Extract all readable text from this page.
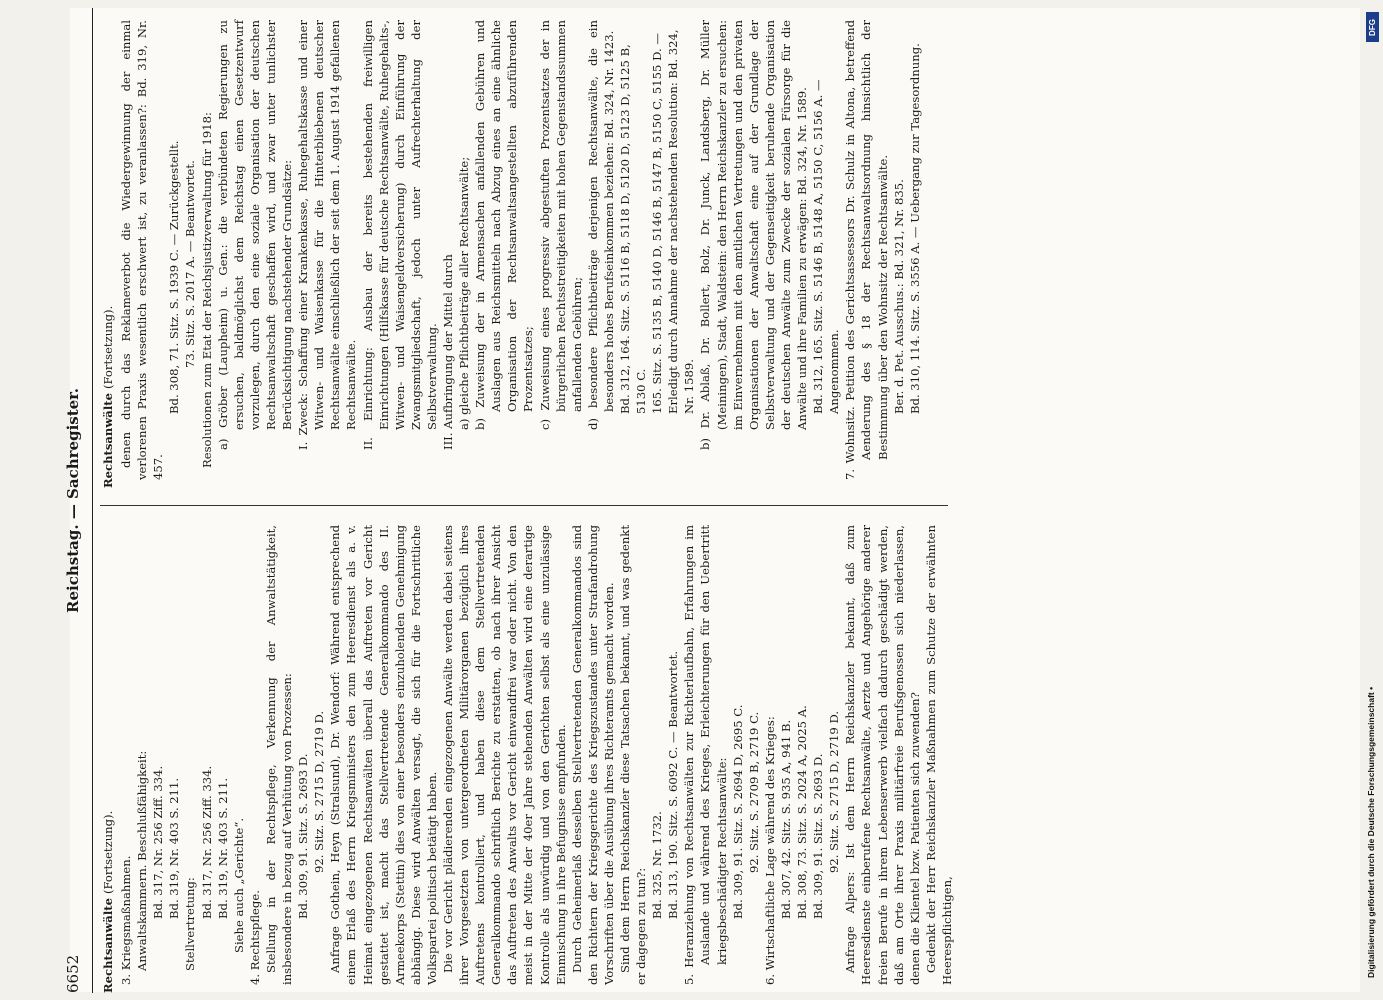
6652
Reichstag. — Sachregister.
Rechtsanwälte (Fortsetzung).
3. Kriegsmaßnahmen. Anwaltskammern. Beschlußfähigkeit: Bd. 317, Nr. 256 Ziff. 334. Bd. 319, Nr. 403 S. 211.
Stellvertretung:
Bd. 317, Nr. 256 Ziff. 334. Bd. 319, Nr. 403 S. 211. Siehe auch „Gerichte“. 4. Rechtspflege. Stellung in der Rechtspflege, Verkennung der Anwaltstätigkeit, insbesondere in bezug auf Verhütung von Prozessen: Bd. 309, 91. Sitz. S. 2693 D. 92. Sitz. S. 2715 D, 2719 D. Anfrage Gothein, Heyn (Stralsund), Dr. Wendorf: Während entsprechend einem Erlaß des Herrn Kriegsministers den zum Heeresdienst als a. v. Heimat eingezogenen Rechtsanwälten überall das Auftreten vor Gericht gestattet ist, macht das Stellvertretende Generalkommando des II. Armeekorps (Stettin) dies von einer besonders einzuholenden Genehmigung abhängig. Diese wird Anwälten versagt, die sich für die Fortschrittliche Volkspartei politisch betätigt haben. Die vor Gericht plädierenden eingezogenen Anwälte werden dabei seitens ihrer Vorgesetzten von untergeordneten Militärorganen bezüglich ihres Auftretens kontrolliert, und haben diese dem Stellvertretenden Generalkommando schriftlich Berichte zu erstatten, ob nach ihrer Ansicht das Auftreten des Anwalts vor Gericht einwandfrei war oder nicht. Von den meist in der Mitte der 40er Jahre stehenden Anwälten wird eine derartige Kontrolle als unwürdig und von den Gerichten selbst als eine unzulässige Einmischung in ihre Befugnisse empfunden. Durch Geheimerlaß desselben Stellvertretenden Generalkommandos sind den Richtern der Kriegsgerichte des Kriegszustandes unter Strafandrohung Vorschriften über die Ausübung ihres Richteramts gemacht worden. Sind dem Herrn Reichskanzler diese Tatsachen bekannt, und was gedenkt er dagegen zu tun?:
Bd. 325, Nr. 1732. Bd. 313, 190. Sitz. S. 6092 C. — Beantwortet. 5. Heranziehung von Rechtsanwälten zur Richterlaufbahn, Erfahrungen im Auslande und während des Krieges, Erleichterungen für den Uebertritt kriegsbeschädigter Rechtsanwälte: Bd. 309, 91. Sitz. S. 2694 D, 2695 C. 92. Sitz. S. 2709 B, 2719 C. 6. Wirtschaftliche Lage während des Krieges: Bd. 307, 42. Sitz. S. 935 A, 941 B. Bd. 308, 73. Sitz. S. 2024 A, 2025 A. Bd. 309, 91. Sitz. S. 2693 D. 92. Sitz. S. 2715 D, 2719 D. Anfrage Alpers: Ist dem Herrn Reichskanzler bekannt, daß zum Heeresdienste einberufene Rechtsanwälte, Aerzte und Angehörige anderer freien Berufe in ihrem Lebenserwerb vielfach dadurch geschädigt werden, daß am Orte ihrer Praxis militärfreie Berufsgenossen sich niederlassen, denen die Klientel bzw. Patienten sich zuwenden? Gedenkt der Herr Reichskanzler Maßnahmen zum Schutze der erwähnten Heerespflichtigen,
Rechtsanwälte (Fortsetzung). denen durch das Reklameverbot die Wiedergewinnung der einmal verlorenen Praxis wesentlich erschwert ist, zu veranlassen?: Bd. 319, Nr. 457.
Bd. 308, 71. Sitz. S. 1939 C. — Zurückgestellt. 73. Sitz. S. 2017 A. — Beantwortet. Resolutionen zum Etat der Reichsjustizverwaltung für 1918: a) Gröber (Laupheim) u. Gen.: die verbündeten Regierungen zu ersuchen, baldmöglichst dem Reichstag einen Gesetzentwurf vorzulegen, durch den eine soziale Organisation der deutschen Rechtsanwaltschaft geschaffen wird, und zwar unter tunlichster Berücksichtigung nachstehender Grundsätze: I. Zweck: Schaffung einer Krankenkasse, Ruhegehaltskasse und einer Witwen- und Waisenkasse für die Hinterbliebenen deutscher Rechtsanwälte einschließlich der seit dem 1. August 1914 gefallenen Rechtsanwälte. II. Einrichtung: Ausbau der bereits bestehenden freiwilligen Einrichtungen (Hilfskasse für deutsche Rechtsanwälte, Ruhegehalts-, Witwen- und Waisengeldversicherung) durch Einführung der Zwangsmitgliedschaft, jedoch unter Aufrechterhaltung der Selbstverwaltung. III. Aufbringung der Mittel durch a) gleiche Pflichtbeiträge aller Rechtsanwälte; b) Zuweisung der in Armensachen anfallenden Gebühren und Auslagen aus Reichsmitteln nach Abzug eines an eine ähnliche Organisation der Rechtsanwaltsangestellten abzuführenden Prozentsatzes; c) Zuweisung eines progressiv abgestuften Prozentsatzes der in bürgerlichen Rechtsstreitigkeiten mit hohen Gegenstandssummen anfallenden Gebühren; d) besondere Pflichtbeiträge derjenigen Rechtsanwälte, die ein besonders hohes Berufseinkommen beziehen: Bd. 324, Nr. 1423. Bd. 312, 164. Sitz. S. 5116 B, 5118 D, 5120 D, 5123 D, 5125 B, 5130 C. 165. Sitz. S. 5135 B, 5140 D, 5146 B, 5147 B, 5150 C, 5155 D. — Erledigt durch Annahme der nachstehenden Resolution: Bd. 324, Nr. 1589. b) Dr. Ablaß, Dr. Bollert, Bolz, Dr. Junck, Landsberg, Dr. Müller (Meiningen), Stadt, Waldstein: den Herrn Reichskanzler zu ersuchen: im Einvernehmen mit den amtlichen Vertretungen und den privaten Organisationen der Anwaltschaft eine auf der Grundlage der Selbstverwaltung und der Gegenseitigkeit beruhende Organisation der deutschen Anwälte zum Zwecke der sozialen Fürsorge für die Anwälte und ihre Familien zu erwägen: Bd. 324, Nr. 1589. Bd. 312, 165. Sitz. S. 5146 B, 5148 A, 5150 C, 5156 A. — Angenommen. 7. Wohnsitz. Petition des Gerichtsassessors Dr. Schulz in Altona, betreffend Aenderung des § 18 der Rechtsanwaltsordnung hinsichtlich der Bestimmung über den Wohnsitz der Rechtsanwälte. Ber. d. Pet. Ausschus.: Bd. 321, Nr. 835. Bd. 310, 114. Sitz. S. 3556 A. — Uebergang zur Tagesordnung.
DFG
Digitalisierung gefördert durch die Deutsche Forschungsgemeinschaft •
